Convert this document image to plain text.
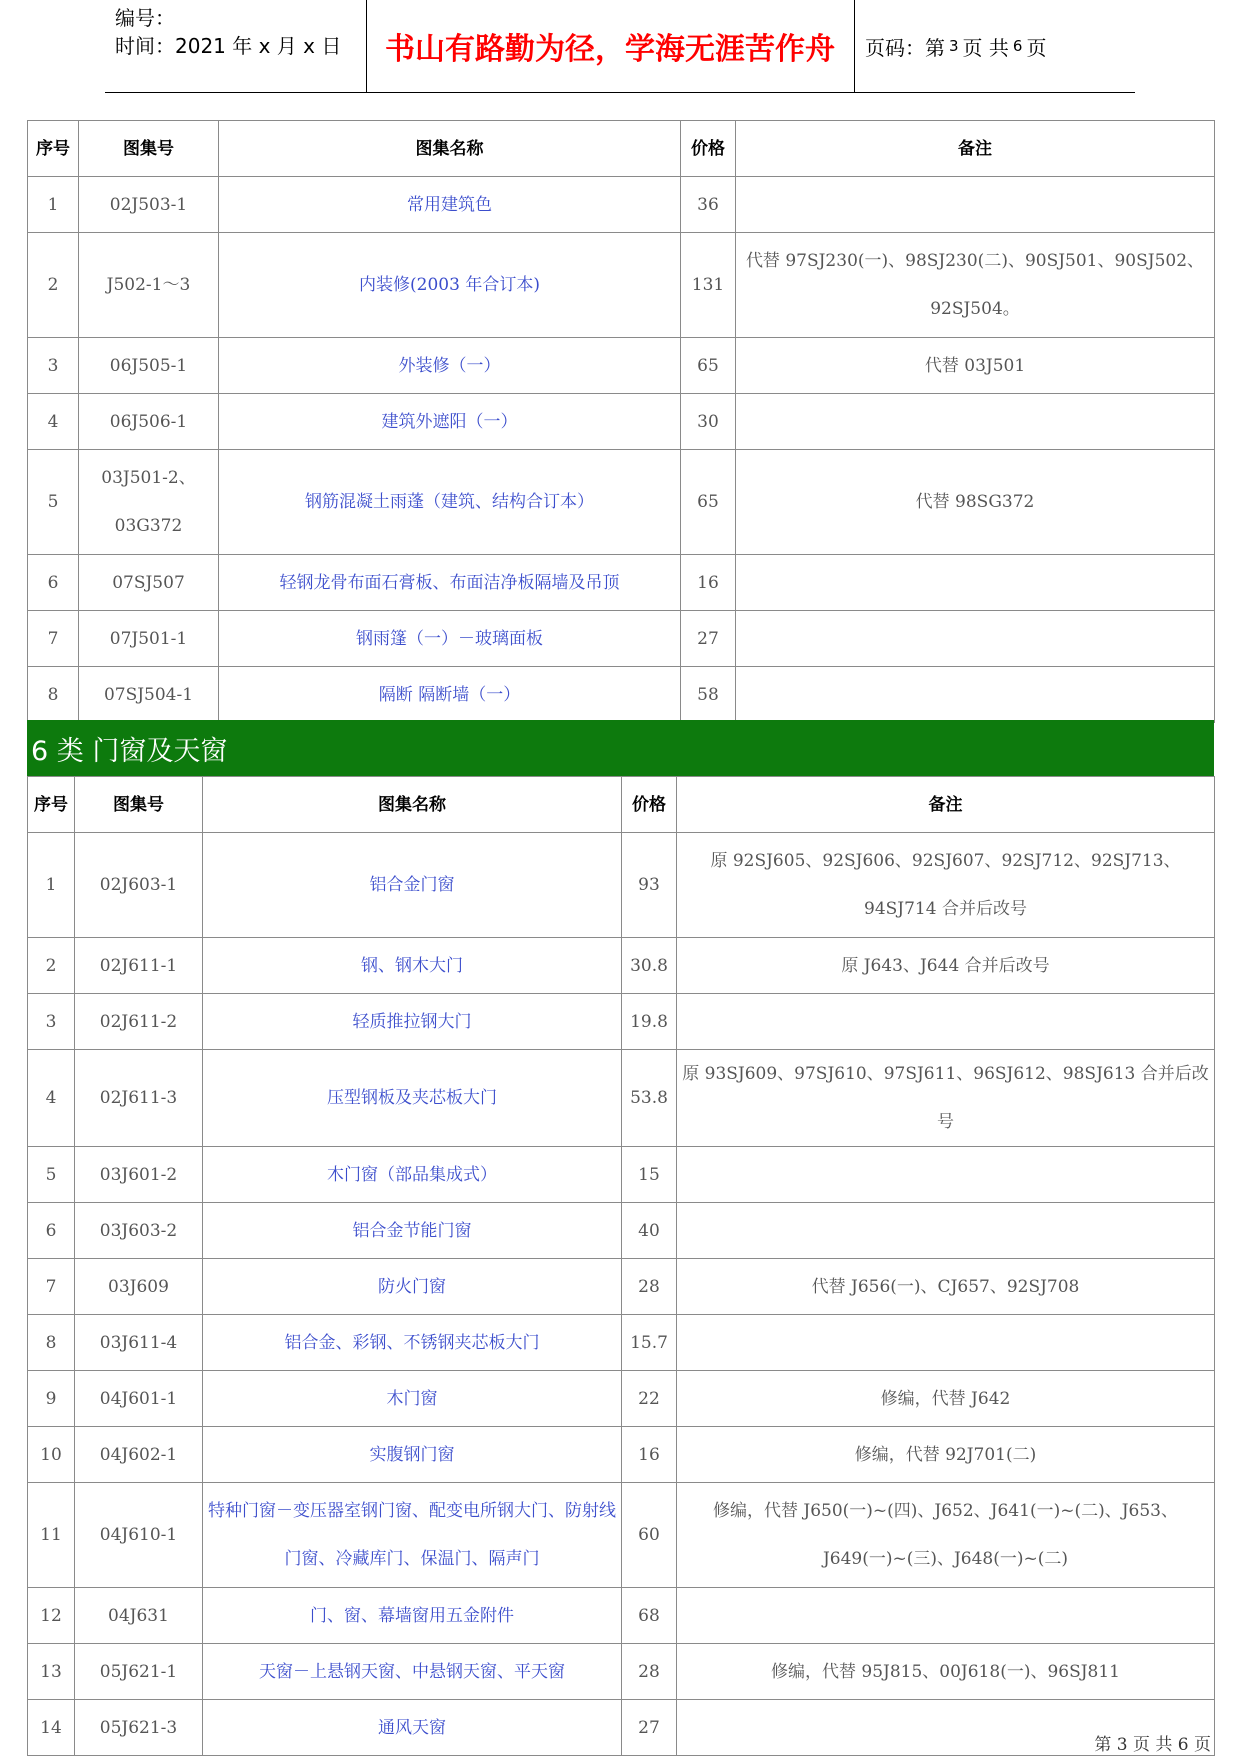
编号：
时间：2021 年 x 月 x 日	书山有路勤为径，学海无涯苦作舟	页码：第 3 页 共 6 页
序号	图集号	图集名称	价格	备注
1	02J503-1	常用建筑色	36	
2	J502-1～3	内装修(2003 年合订本)	131	代替 97SJ230(一)、98SJ230(二)、90SJ501、90SJ502、92SJ504。
3	06J505-1	外装修（一）	65	代替 03J501
4	06J506-1	建筑外遮阳（一）	30	
5	03J501-2、03G372	钢筋混凝土雨蓬（建筑、结构合订本）	65	代替 98SG372
6	07SJ507	轻钢龙骨布面石膏板、布面洁净板隔墙及吊顶	16	
7	07J501-1	钢雨篷（一）－玻璃面板	27	
8	07SJ504-1	隔断 隔断墙（一）	58	
6 类 门窗及天窗
序号	图集号	图集名称	价格	备注
1	02J603-1	铝合金门窗	93	原 92SJ605、92SJ606、92SJ607、92SJ712、92SJ713、94SJ714 合并后改号
2	02J611-1	钢、钢木大门	30.8	原 J643、J644 合并后改号
3	02J611-2	轻质推拉钢大门	19.8	
4	02J611-3	压型钢板及夹芯板大门	53.8	原 93SJ609、97SJ610、97SJ611、96SJ612、98SJ613 合并后改号
5	03J601-2	木门窗（部品集成式）	15	
6	03J603-2	铝合金节能门窗	40	
7	03J609	防火门窗	28	代替 J656(一)、CJ657、92SJ708
8	03J611-4	铝合金、彩钢、不锈钢夹芯板大门	15.7	
9	04J601-1	木门窗	22	修编，代替 J642
10	04J602-1	实腹钢门窗	16	修编，代替 92J701(二)
11	04J610-1	特种门窗－变压器室钢门窗、配变电所钢大门、防射线门窗、冷藏库门、保温门、隔声门	60	修编，代替 J650(一)~(四)、J652、J641(一)~(二)、J653、J649(一)~(三)、J648(一)~(二)
12	04J631	门、窗、幕墙窗用五金附件	68	
13	05J621-1	天窗－上悬钢天窗、中悬钢天窗、平天窗	28	修编，代替 95J815、00J618(一)、96SJ811
14	05J621-3	通风天窗	27	
第 3 页 共 6 页
